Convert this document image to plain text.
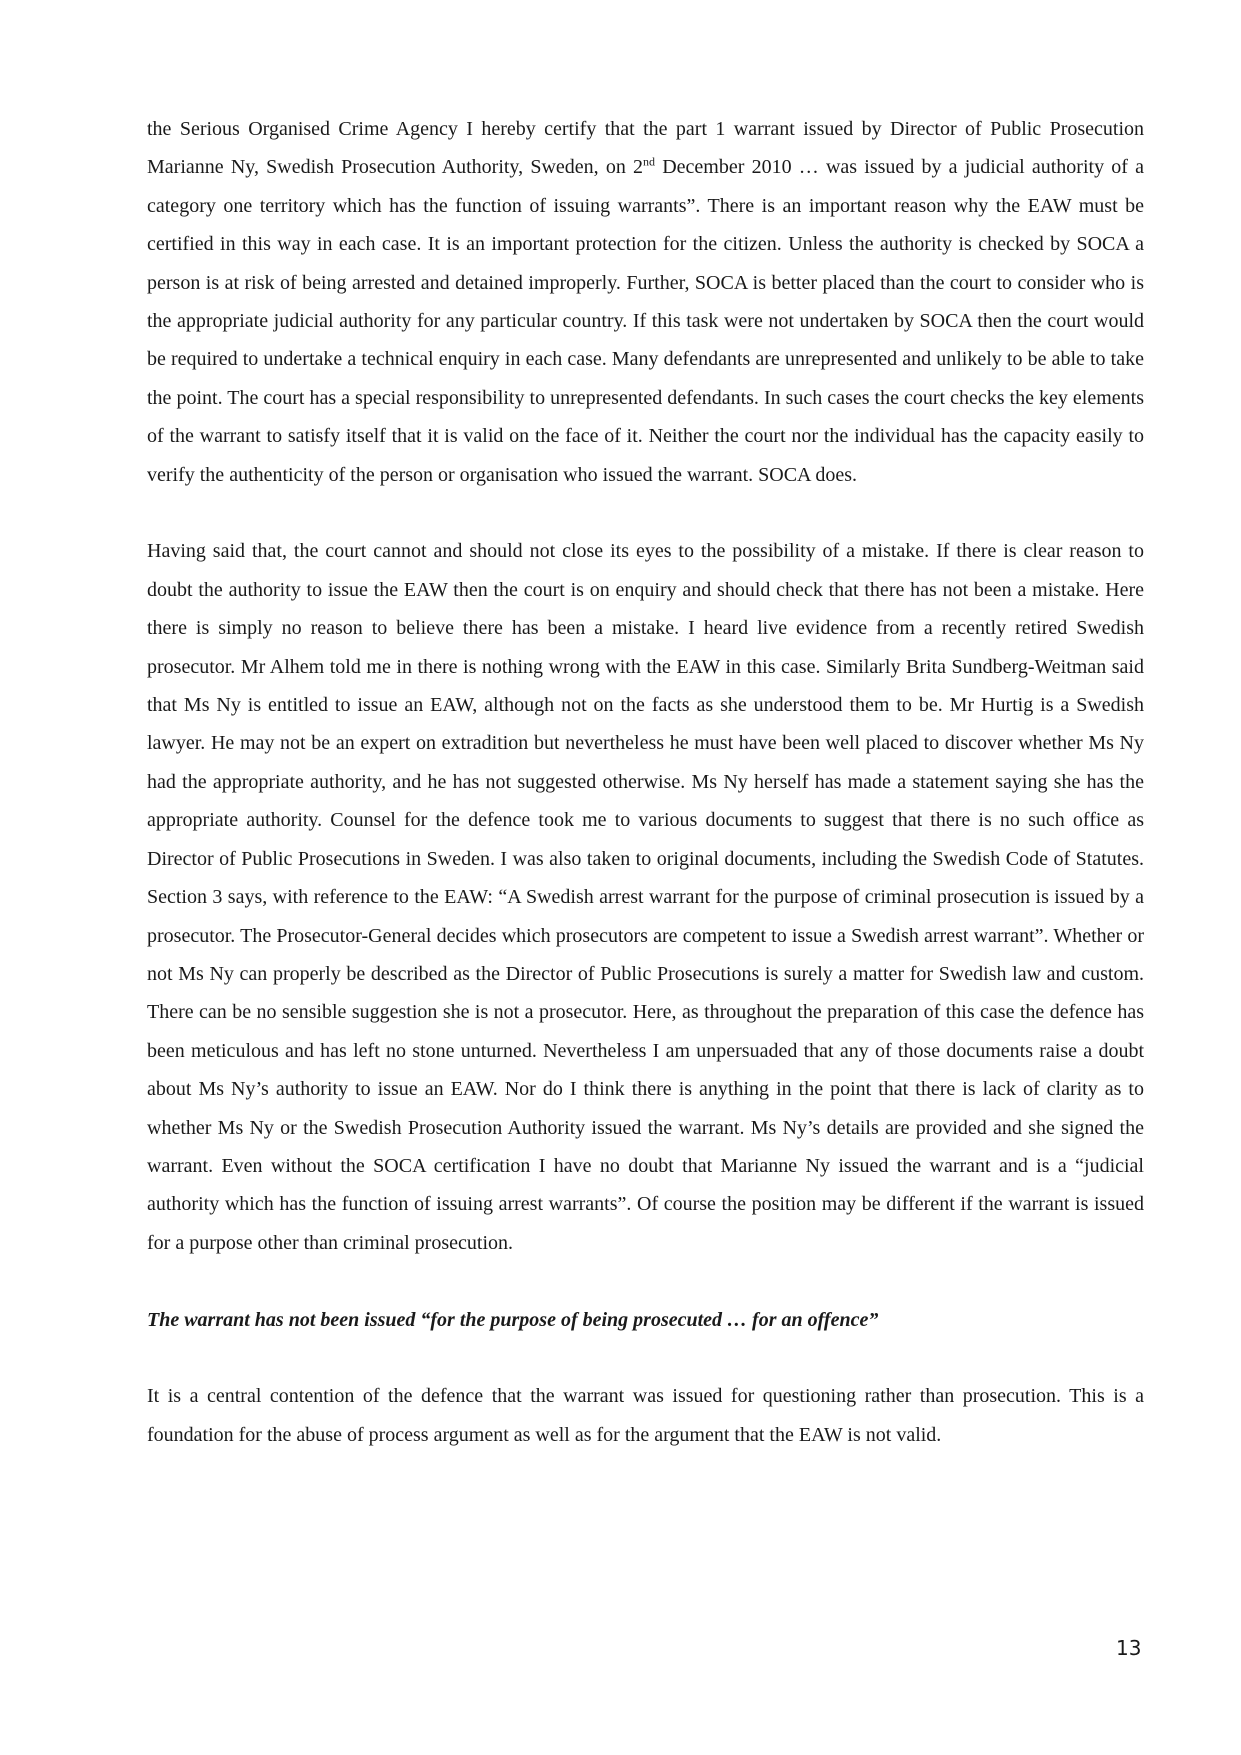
the Serious Organised Crime Agency I hereby certify that the part 1 warrant issued by Director of Public Prosecution Marianne Ny, Swedish Prosecution Authority, Sweden, on 2nd December 2010 … was issued by a judicial authority of a category one territory which has the function of issuing warrants”. There is an important reason why the EAW must be certified in this way in each case. It is an important protection for the citizen. Unless the authority is checked by SOCA a person is at risk of being arrested and detained improperly. Further, SOCA is better placed than the court to consider who is the appropriate judicial authority for any particular country. If this task were not undertaken by SOCA then the court would be required to undertake a technical enquiry in each case. Many defendants are unrepresented and unlikely to be able to take the point. The court has a special responsibility to unrepresented defendants. In such cases the court checks the key elements of the warrant to satisfy itself that it is valid on the face of it. Neither the court nor the individual has the capacity easily to verify the authenticity of the person or organisation who issued the warrant. SOCA does.

Having said that, the court cannot and should not close its eyes to the possibility of a mistake. If there is clear reason to doubt the authority to issue the EAW then the court is on enquiry and should check that there has not been a mistake. Here there is simply no reason to believe there has been a mistake. I heard live evidence from a recently retired Swedish prosecutor. Mr Alhem told me in there is nothing wrong with the EAW in this case. Similarly Brita Sundberg-Weitman said that Ms Ny is entitled to issue an EAW, although not on the facts as she understood them to be. Mr Hurtig is a Swedish lawyer. He may not be an expert on extradition but nevertheless he must have been well placed to discover whether Ms Ny had the appropriate authority, and he has not suggested otherwise. Ms Ny herself has made a statement saying she has the appropriate authority. Counsel for the defence took me to various documents to suggest that there is no such office as Director of Public Prosecutions in Sweden. I was also taken to original documents, including the Swedish Code of Statutes. Section 3 says, with reference to the EAW: “A Swedish arrest warrant for the purpose of criminal prosecution is issued by a prosecutor. The Prosecutor-General decides which prosecutors are competent to issue a Swedish arrest warrant”. Whether or not Ms Ny can properly be described as the Director of Public Prosecutions is surely a matter for Swedish law and custom. There can be no sensible suggestion she is not a prosecutor. Here, as throughout the preparation of this case the defence has been meticulous and has left no stone unturned. Nevertheless I am unpersuaded that any of those documents raise a doubt about Ms Ny’s authority to issue an EAW. Nor do I think there is anything in the point that there is lack of clarity as to whether Ms Ny or the Swedish Prosecution Authority issued the warrant. Ms Ny’s details are provided and she signed the warrant. Even without the SOCA certification I have no doubt that Marianne Ny issued the warrant and is a “judicial authority which has the function of issuing arrest warrants”. Of course the position may be different if the warrant is issued for a purpose other than criminal prosecution.

The warrant has not been issued “for the purpose of being prosecuted … for an offence”

It is a central contention of the defence that the warrant was issued for questioning rather than prosecution. This is a foundation for the abuse of process argument as well as for the argument that the EAW is not valid.

13
